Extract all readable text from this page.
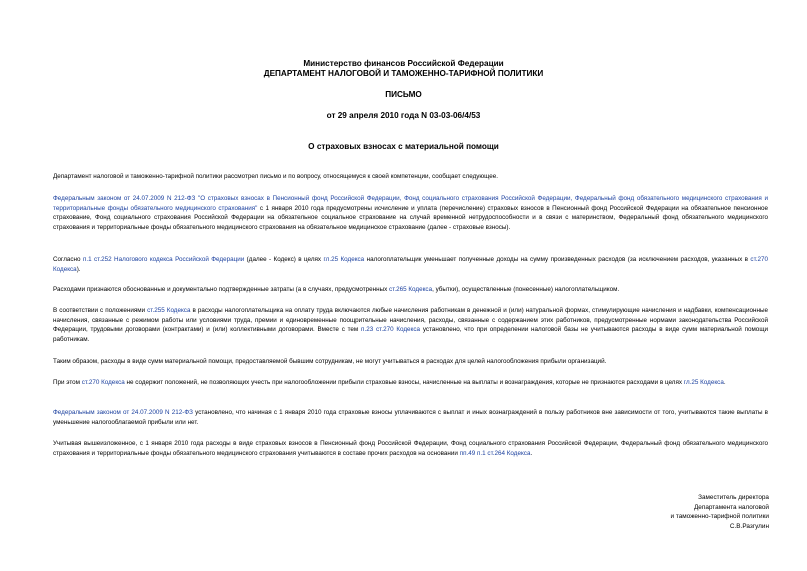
Министерство финансов Российской Федерации
ДЕПАРТАМЕНТ НАЛОГОВОЙ И ТАМОЖЕННО-ТАРИФНОЙ ПОЛИТИКИ
ПИСЬМО
от 29 апреля 2010 года N 03-03-06/4/53
О страховых взносах с материальной помощи
Департамент налоговой и таможенно-тарифной политики рассмотрел письмо и по вопросу, относящемуся к своей компетенции, сообщает следующее.
Федеральным законом от 24.07.2009 N 212-ФЗ "О страховых взносах в Пенсионный фонд Российской Федерации, Фонд социального страхования Российской Федерации, Федеральный фонд обязательного медицинского страхования и территориальные фонды обязательного медицинского страхования" с 1 января 2010 года предусмотрены исчисление и уплата (перечисление) страховых взносов в Пенсионный фонд Российской Федерации на обязательное пенсионное страхование, Фонд социального страхования Российской Федерации на обязательное социальное страхование на случай временной нетрудоспособности и в связи с материнством, Федеральный фонд обязательного медицинского страхования и территориальные фонды обязательного медицинского страхования на обязательное медицинское страхование (далее - страховые взносы).
Согласно п.1 ст.252 Налогового кодекса Российской Федерации (далее - Кодекс) в целях гл.25 Кодекса налогоплательщик уменьшает полученные доходы на сумму произведенных расходов (за исключением расходов, указанных в ст.270 Кодекса).
Расходами признаются обоснованные и документально подтвержденные затраты (а в случаях, предусмотренных ст.265 Кодекса, убытки), осуществленные (понесенные) налогоплательщиком.
В соответствии с положениями ст.255 Кодекса в расходы налогоплательщика на оплату труда включаются любые начисления работникам в денежной и (или) натуральной формах, стимулирующие начисления и надбавки, компенсационные начисления, связанные с режимом работы или условиями труда, премии и единовременные поощрительные начисления, расходы, связанные с содержанием этих работников, предусмотренные нормами законодательства Российской Федерации, трудовыми договорами (контрактами) и (или) коллективными договорами. Вместе с тем п.23 ст.270 Кодекса установлено, что при определении налоговой базы не учитываются расходы в виде сумм материальной помощи работникам.
Таким образом, расходы в виде сумм материальной помощи, предоставляемой бывшим сотрудникам, не могут учитываться в расходах для целей налогообложения прибыли организаций.
При этом ст.270 Кодекса не содержит положений, не позволяющих учесть при налогообложении прибыли страховые взносы, начисленные на выплаты и вознаграждения, которые не признаются расходами в целях гл.25 Кодекса.
Федеральным законом от 24.07.2009 N 212-ФЗ установлено, что начиная с 1 января 2010 года страховые взносы уплачиваются с выплат и иных вознаграждений в пользу работников вне зависимости от того, учитываются такие выплаты в уменьшение налогооблагаемой прибыли или нет.
Учитывая вышеизложенное, с 1 января 2010 года расходы в виде страховых взносов в Пенсионный фонд Российской Федерации, Фонд социального страхования Российской Федерации, Федеральный фонд обязательного медицинского страхования и территориальные фонды обязательного медицинского страхования учитываются в составе прочих расходов на основании пп.49 п.1 ст.264 Кодекса.
Заместитель директора
Департамента налоговой
и таможенно-тарифной политики
С.В.Разгулин
